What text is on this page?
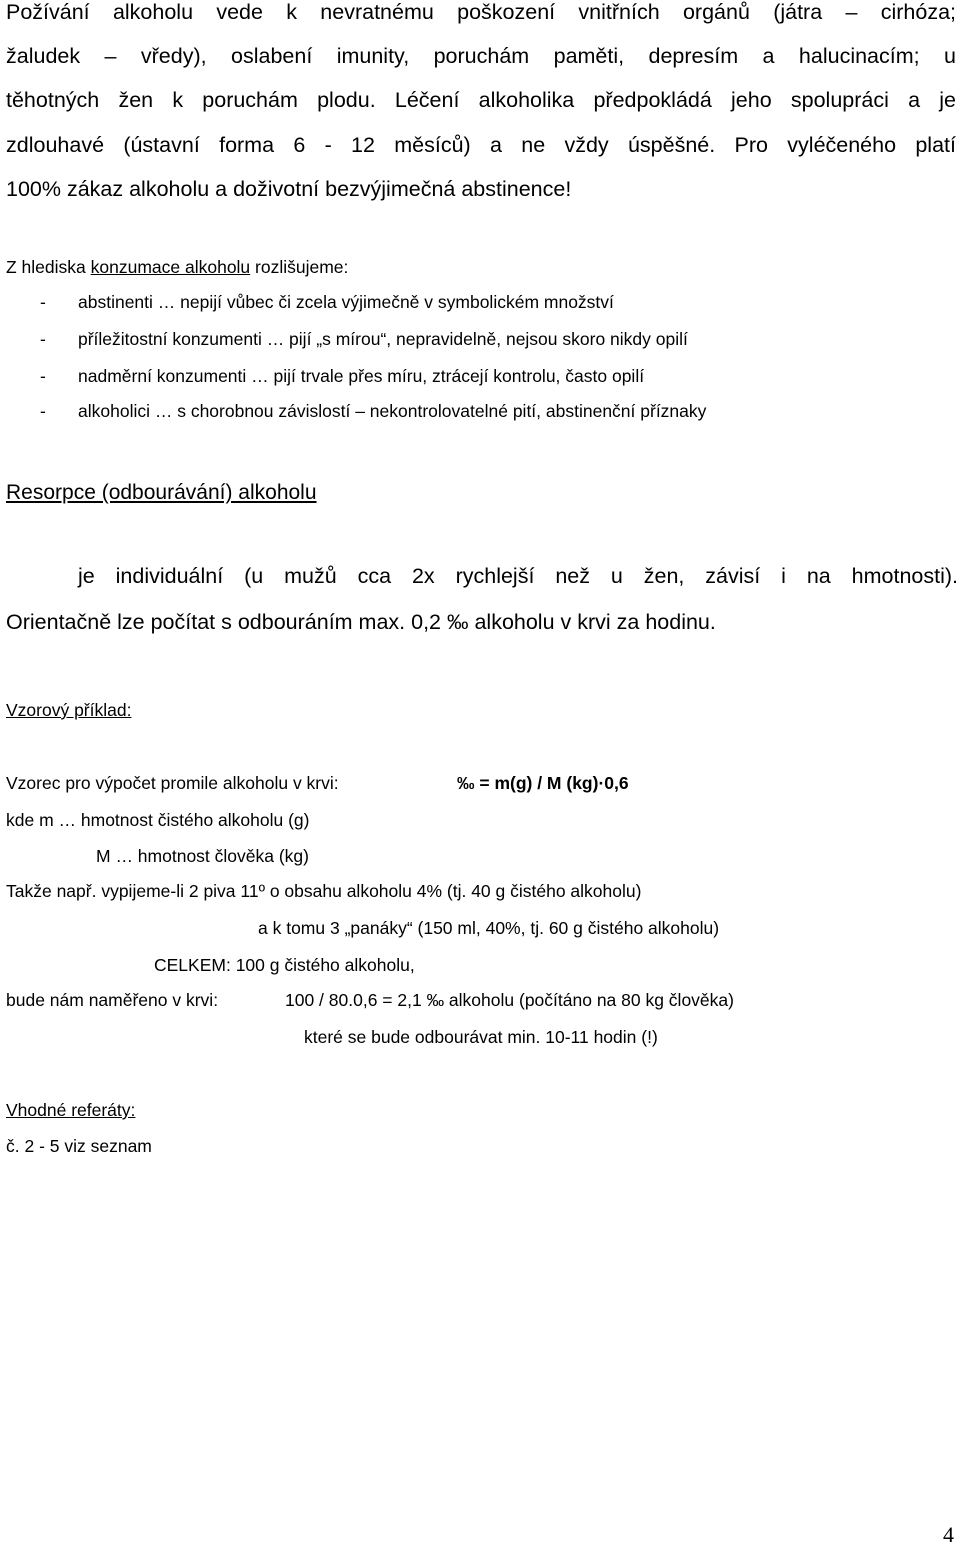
Požívání alkoholu vede k nevratnému poškození vnitřních orgánů (játra – cirhóza;
žaludek – vředy), oslabení imunity, poruchám paměti, depresím a halucinacím; u
těhotných žen k poruchám plodu. Léčení alkoholika předpokládá jeho spolupráci a je
zdlouhavé (ústavní forma 6 - 12 měsíců) a ne vždy úspěšné. Pro vyléčeného platí
100% zákaz alkoholu a doživotní bezvýjimečná abstinence!
Z hlediska konzumace alkoholu rozlišujeme:
- abstinenti … nepijí vůbec či zcela výjimečně v symbolickém množství
- příležitostní konzumenti … pijí „s mírou“, nepravidelně, nejsou skoro nikdy opilí
- nadměrní konzumenti … pijí trvale přes míru, ztrácejí kontrolu, často opilí
- alkoholici … s chorobnou závislostí – nekontrolovatelné pití, abstinenční příznaky
Resorpce (odbourávání) alkoholu
je individuální (u mužů cca 2x rychlejší než u žen, závisí i na hmotnosti).
Orientačně lze počítat s odbouráním max. 0,2 ‰ alkoholu v krvi za hodinu.
Vzorový příklad:
Vzorec pro výpočet promile alkoholu v krvi:	‰ = m(g) / M (kg)·0,6
kde m … hmotnost čistého alkoholu (g)
M … hmotnost člověka (kg)
Takže např. vypijeme-li 2 piva 11º o obsahu alkoholu 4% (tj. 40 g čistého alkoholu)
a k tomu 3 „panáky“ (150 ml, 40%, tj. 60 g čistého alkoholu)
CELKEM: 100 g čistého alkoholu,
bude nám naměřeno v krvi:	100 / 80.0,6 = 2,1 ‰ alkoholu (počítáno na 80 kg člověka)
které se bude odbourávat min. 10-11 hodin (!)
Vhodné referáty:
č. 2 - 5 viz seznam
4
